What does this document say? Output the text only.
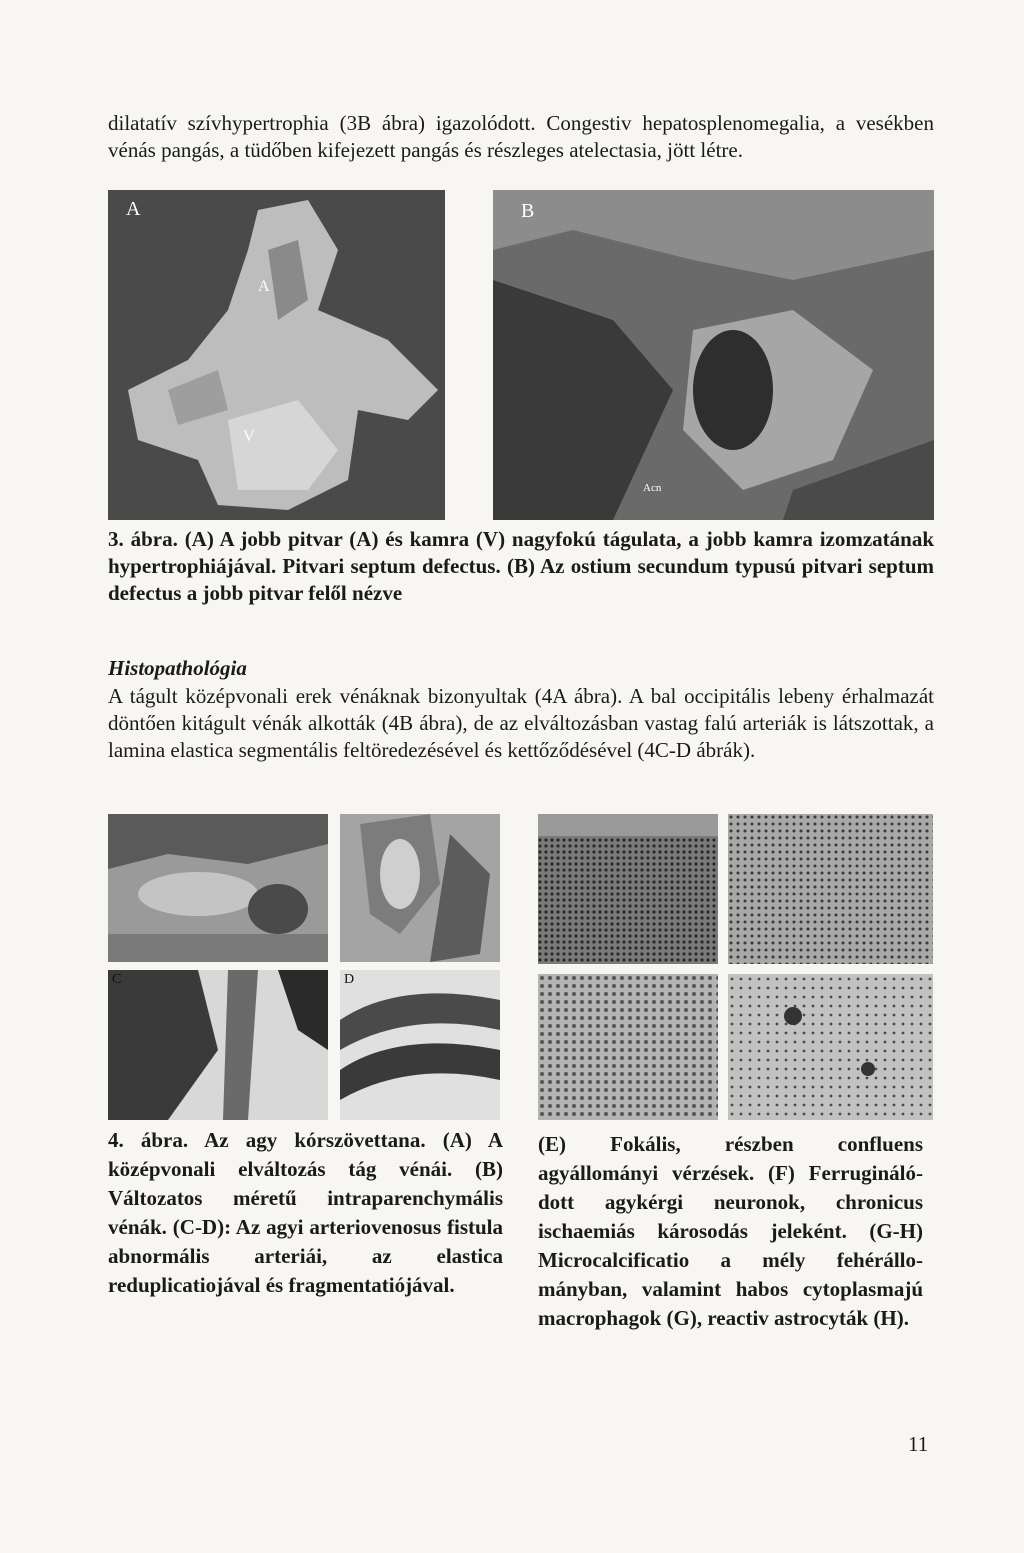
dilatatív szívhypertrophia (3B ábra) igazolódott. Congestiv hepatosplenomegalia, a vesékben vénás pangás, a tüdőben kifejezett pangás és részleges atelectasia, jött létre.
A
A
V
B
Acn
3. ábra. (A) A jobb pitvar (A) és kamra (V) nagyfokú tágulata, a jobb kamra izomzatának hypertrophiájával. Pitvari septum defectus. (B) Az ostium secundum typusú pitvari septum defectus a jobb pitvar felől nézve
Histopathológia
A tágult középvonali erek vénáknak bizonyultak (4A ábra). A bal occipitális lebeny érhalmazát döntően kitágult vénák alkották (4B ábra), de az elváltozásban vastag falú arteriák is látszottak, a lamina elastica segmentális feltöredezésével és kettőződésével (4C-D ábrák).
C	D
4. ábra. Az agy kórszövettana. (A) A középvonali elváltozás tág vénái. (B) Változatos méretű intraparenchymális vénák. (C-D): Az agyi arteriovenosus fistula abnormális arteriái, az elastica reduplicatiojával és fragmentatiójával.
(E) Fokális, részben confluens agyállományi vérzések. (F) Ferruginálódott agykérgi neuronok, chronicus ischaemiás károsodás jeleként. (G-H) Microcalcificatio a mély fehérállományban, valamint habos cytoplasmajú macrophagok (G), reactiv astrocyták (H).
11
